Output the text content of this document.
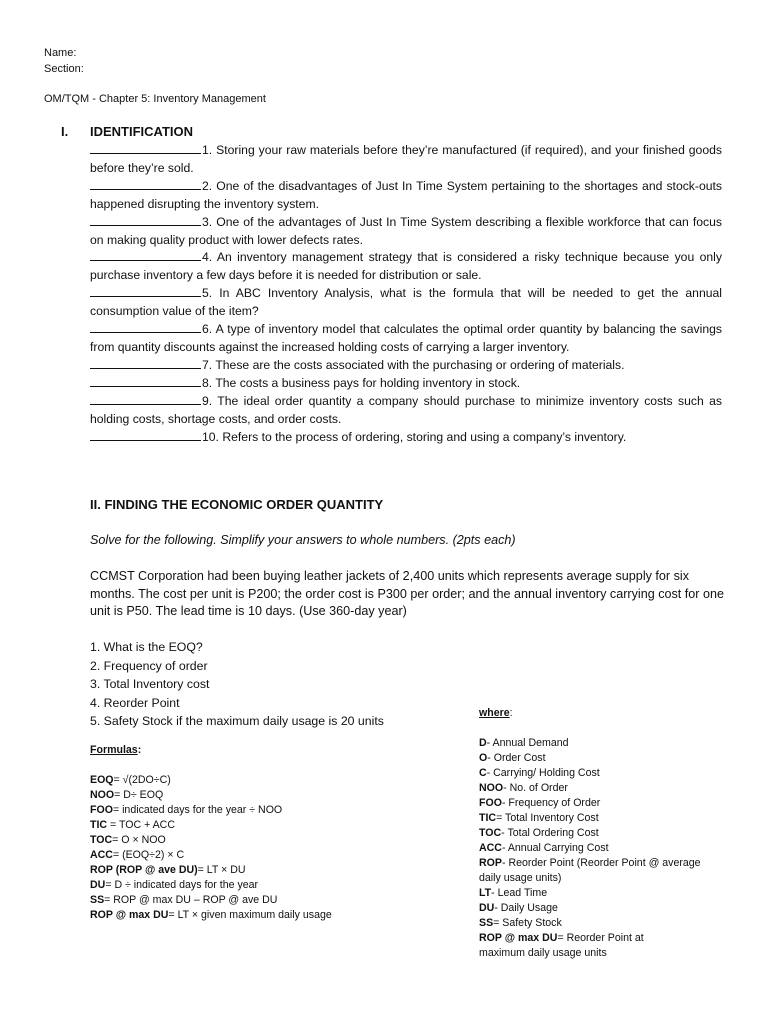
Name:
Section:
OM/TQM - Chapter 5: Inventory Management
I. IDENTIFICATION

1. Storing your raw materials before they’re manufactured (if required), and your finished goods before they’re sold.

2. One of the disadvantages of Just In Time System pertaining to the shortages and stock-outs happened disrupting the inventory system.

3. One of the advantages of Just In Time System describing a flexible workforce that can focus on making quality product with lower defects rates.

4. An inventory management strategy that is considered a risky technique because you only purchase inventory a few days before it is needed for distribution or sale.

5. In ABC Inventory Analysis, what is the formula that will be needed to get the annual consumption value of the item?

6. A type of inventory model that calculates the optimal order quantity by balancing the savings from quantity discounts against the increased holding costs of carrying a larger inventory.

7. These are the costs associated with the purchasing or ordering of materials.

8. The costs a business pays for holding inventory in stock.

9. The ideal order quantity a company should purchase to minimize inventory costs such as holding costs, shortage costs, and order costs.

10. Refers to the process of ordering, storing and using a company’s inventory.

II. FINDING THE ECONOMIC ORDER QUANTITY
Solve for the following. Simplify your answers to whole numbers. (2pts each)
CCMST Corporation had been buying leather jackets of 2,400 units which represents average supply for six months. The cost per unit is P200; the order cost is P300 per order; and the annual inventory carrying cost for one unit is P50. The lead time is 10 days. (Use 360-day year)
1. What is the EOQ?
2. Frequency of order
3. Total Inventory cost
4. Reorder Point
5. Safety Stock if the maximum daily usage is 20 units
Formulas:
EOQ= √(2DO÷C)
NOO= D÷ EOQ
FOO= indicated days for the year ÷ NOO
TIC = TOC + ACC
TOC= O × NOO
ACC= (EOQ÷2) × C
ROP (ROP @ ave DU)= LT × DU
DU= D ÷ indicated days for the year
SS= ROP @ max DU – ROP @ ave DU
ROP @ max DU= LT × given maximum daily usage
where:
D- Annual Demand
O- Order Cost
C- Carrying/ Holding Cost
NOO- No. of Order
FOO- Frequency of Order
TIC= Total Inventory Cost
TOC- Total Ordering Cost
ACC- Annual Carrying Cost
ROP- Reorder Point (Reorder Point @ average daily usage units)
LT- Lead Time
DU- Daily Usage
SS= Safety Stock
ROP @ max DU= Reorder Point at maximum daily usage units
